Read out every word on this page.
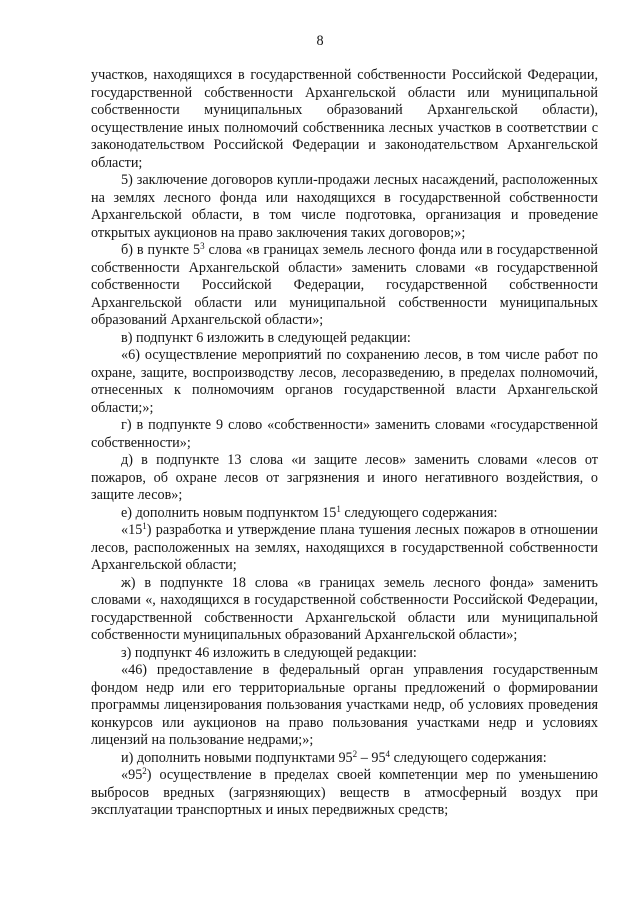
8

участков, находящихся в государственной собственности Российской Федерации, государственной собственности Архангельской области или муниципальной собственности муниципальных образований Архангельской области), осуществление иных полномочий собственника лесных участков в соответствии с законодательством Российской Федерации и законодательством Архангельской области;

5) заключение договоров купли-продажи лесных насаждений, расположенных на землях лесного фонда или находящихся в государственной собственности Архангельской области, в том числе подготовка, организация и проведение открытых аукционов на право заключения таких договоров;»;

б) в пункте $5^3$ слова «в границах земель лесного фонда или в государственной собственности Архангельской области» заменить словами «в государственной собственности Российской Федерации, государственной собственности Архангельской области или муниципальной собственности муниципальных образований Архангельской области»;

в) подпункт 6 изложить в следующей редакции:

«6) осуществление мероприятий по сохранению лесов, в том числе работ по охране, защите, воспроизводству лесов, лесоразведению, в пределах полномочий, отнесенных к полномочиям органов государственной власти Архангельской области;»;

г) в подпункте 9 слово «собственности» заменить словами «государственной собственности»;

д) в подпункте 13 слова «и защите лесов» заменить словами «лесов от пожаров, об охране лесов от загрязнения и иного негативного воздействия, о защите лесов»;

е) дополнить новым подпунктом $15^1$ следующего содержания:

«$15^1$) разработка и утверждение плана тушения лесных пожаров в отношении лесов, расположенных на землях, находящихся в государственной собственности Архангельской области;

ж) в подпункте 18 слова «в границах земель лесного фонда» заменить словами «, находящихся в государственной собственности Российской Федерации, государственной собственности Архангельской области или муниципальной собственности муниципальных образований Архангельской области»;

з) подпункт 46 изложить в следующей редакции:

«46) предоставление в федеральный орган управления государственным фондом недр или его территориальные органы предложений о формировании программы лицензирования пользования участками недр, об условиях проведения конкурсов или аукционов на право пользования участками недр и условиях лицензий на пользование недрами;»;

и) дополнить новыми подпунктами $95^2 - 95^4$ следующего содержания:

«$95^2$) осуществление в пределах своей компетенции мер по уменьшению выбросов вредных (загрязняющих) веществ в атмосферный воздух при эксплуатации транспортных и иных передвижных средств;
